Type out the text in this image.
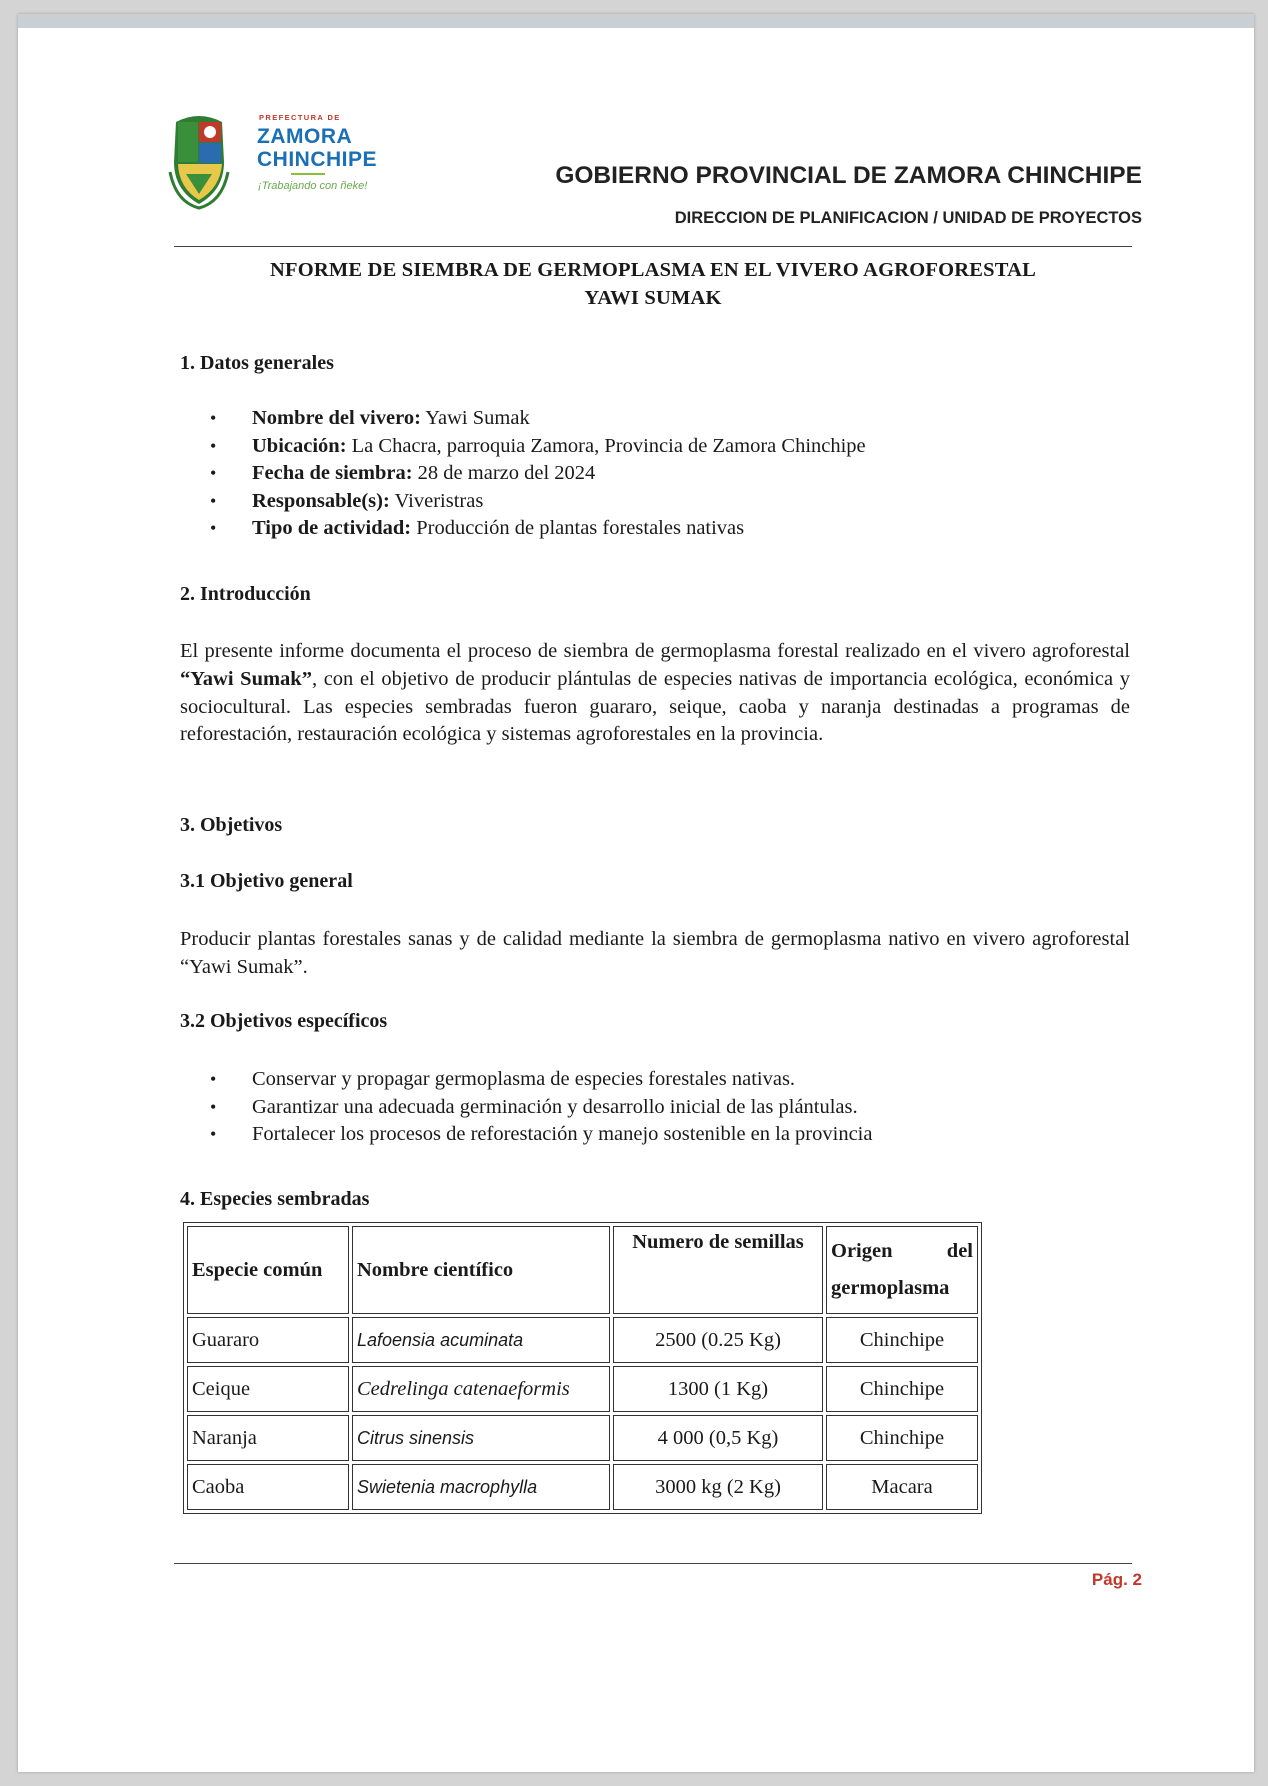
PREFECTURA DE
ZAMORA
CHINCHIPE
¡Trabajando con ñeke!	GOBIERNO PROVINCIAL DE ZAMORA CHINCHIPE
DIRECCION DE PLANIFICACION / UNIDAD DE PROYECTOS
NFORME DE SIEMBRA DE GERMOPLASMA EN EL VIVERO AGROFORESTAL
YAWI SUMAK
1. Datos generales
• Nombre del vivero: Yawi Sumak
• Ubicación: La Chacra, parroquia Zamora, Provincia de Zamora Chinchipe
• Fecha de siembra: 28 de marzo del 2024
• Responsable(s): Viveristras
• Tipo de actividad: Producción de plantas forestales nativas
2. Introducción
El presente informe documenta el proceso de siembra de germoplasma forestal realizado en el vivero agroforestal “Yawi Sumak”, con el objetivo de producir plántulas de especies nativas de importancia ecológica, económica y sociocultural. Las especies sembradas fueron guararo, seique, caoba y naranja destinadas a programas de reforestación, restauración ecológica y sistemas agroforestales en la provincia.
3. Objetivos
3.1 Objetivo general
Producir plantas forestales sanas y de calidad mediante la siembra de germoplasma nativo en vivero agroforestal “Yawi Sumak”.
3.2 Objetivos específicos
• Conservar y propagar germoplasma de especies forestales nativas.
• Garantizar una adecuada germinación y desarrollo inicial de las plántulas.
• Fortalecer los procesos de reforestación y manejo sostenible en la provincia
4. Especies sembradas
Especie común	Nombre científico	Numero de semillas	Origen del
germoplasma

Guararo	Lafoensia acuminata	2500 (0.25 Kg)	Chinchipe
Ceique	Cedrelinga catenaeformis	1300 (1 Kg)	Chinchipe
Naranja	Citrus sinensis	4 000 (0,5 Kg)	Chinchipe
Caoba	Swietenia macrophylla	3000 kg (2 Kg)	Macara
Pág. 2
